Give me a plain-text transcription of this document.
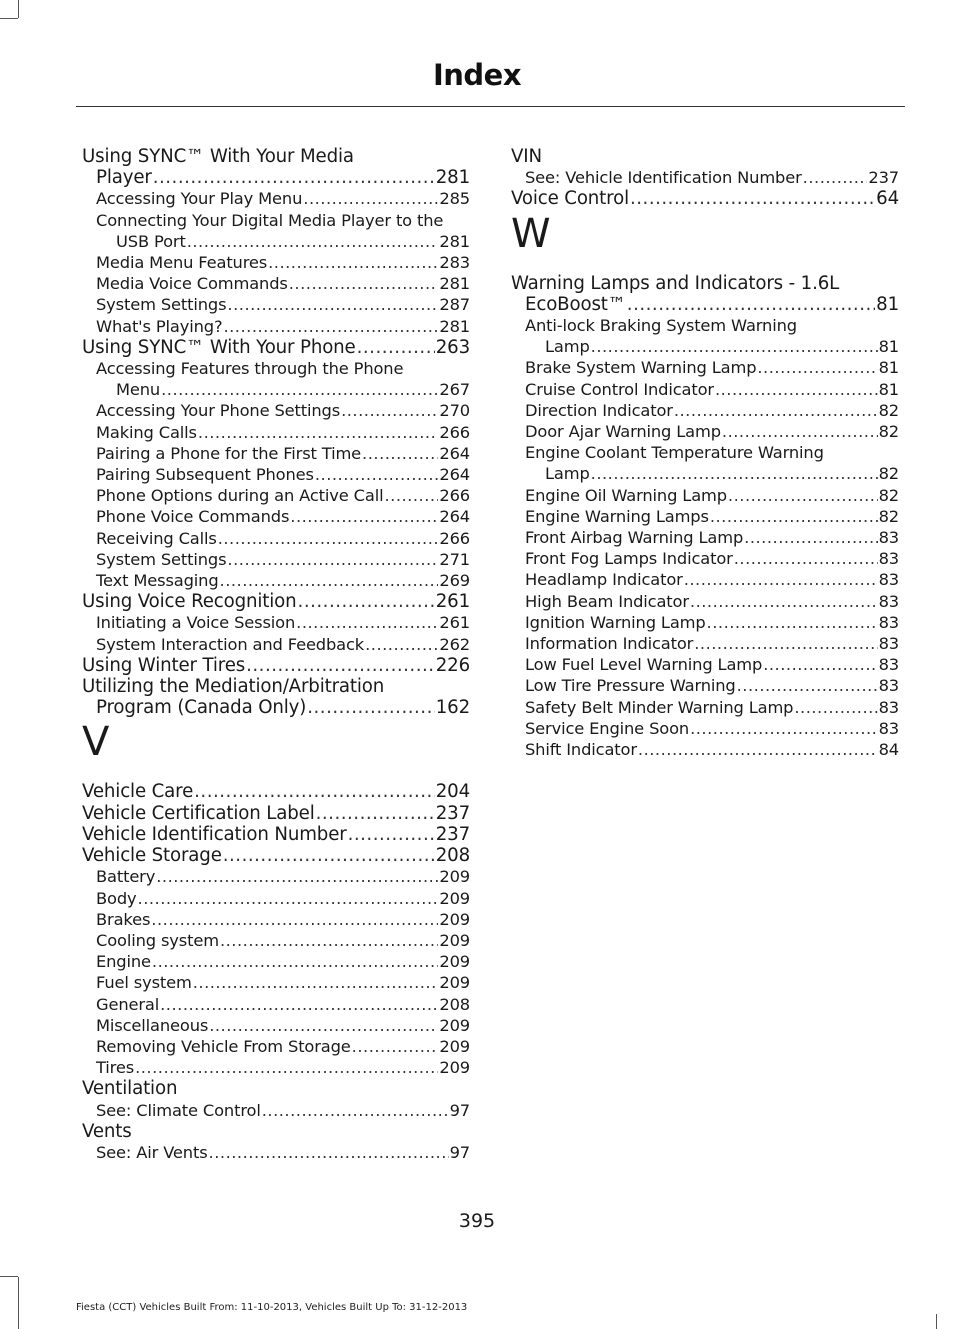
Index
Using SYNC™ With Your Media
Player .....	281
Accessing Your Play Menu .....	285
Connecting Your Digital Media Player to the
USB Port .....	281
Media Menu Features .....	283
Media Voice Commands .....	281
System Settings .....	287
What's Playing? .....	281
Using SYNC™ With Your Phone .....	263
Accessing Features through the Phone
Menu .....	267
Accessing Your Phone Settings .....	270
Making Calls .....	266
Pairing a Phone for the First Time .....	264
Pairing Subsequent Phones .....	264
Phone Options during an Active Call .....	266
Phone Voice Commands .....	264
Receiving Calls .....	266
System Settings .....	271
Text Messaging .....	269
Using Voice Recognition .....	261
Initiating a Voice Session .....	261
System Interaction and Feedback .....	262
Using Winter Tires .....	226
Utilizing the Mediation/Arbitration
Program (Canada Only) .....	162
V
Vehicle Care .....	204
Vehicle Certification Label .....	237
Vehicle Identification Number .....	237
Vehicle Storage .....	208
Battery .....	209
Body .....	209
Brakes .....	209
Cooling system .....	209
Engine .....	209
Fuel system .....	209
General .....	208
Miscellaneous .....	209
Removing Vehicle From Storage .....	209
Tires .....	209
Ventilation
See: Climate Control .....	97
Vents
See: Air Vents .....	97
VIN
See: Vehicle Identification Number .....	237
Voice Control .....	64
W
Warning Lamps and Indicators - 1.6L
EcoBoost™ .....	81
Anti-lock Braking System Warning
Lamp .....	81
Brake System Warning Lamp .....	81
Cruise Control Indicator .....	81
Direction Indicator .....	82
Door Ajar Warning Lamp .....	82
Engine Coolant Temperature Warning
Lamp .....	82
Engine Oil Warning Lamp .....	82
Engine Warning Lamps .....	82
Front Airbag Warning Lamp .....	83
Front Fog Lamps Indicator .....	83
Headlamp Indicator .....	83
High Beam Indicator .....	83
Ignition Warning Lamp .....	83
Information Indicator .....	83
Low Fuel Level Warning Lamp .....	83
Low Tire Pressure Warning .....	83
Safety Belt Minder Warning Lamp .....	83
Service Engine Soon .....	83
Shift Indicator .....	84
395
Fiesta (CCT) Vehicles Built From: 11-10-2013, Vehicles Built Up To: 31-12-2013
